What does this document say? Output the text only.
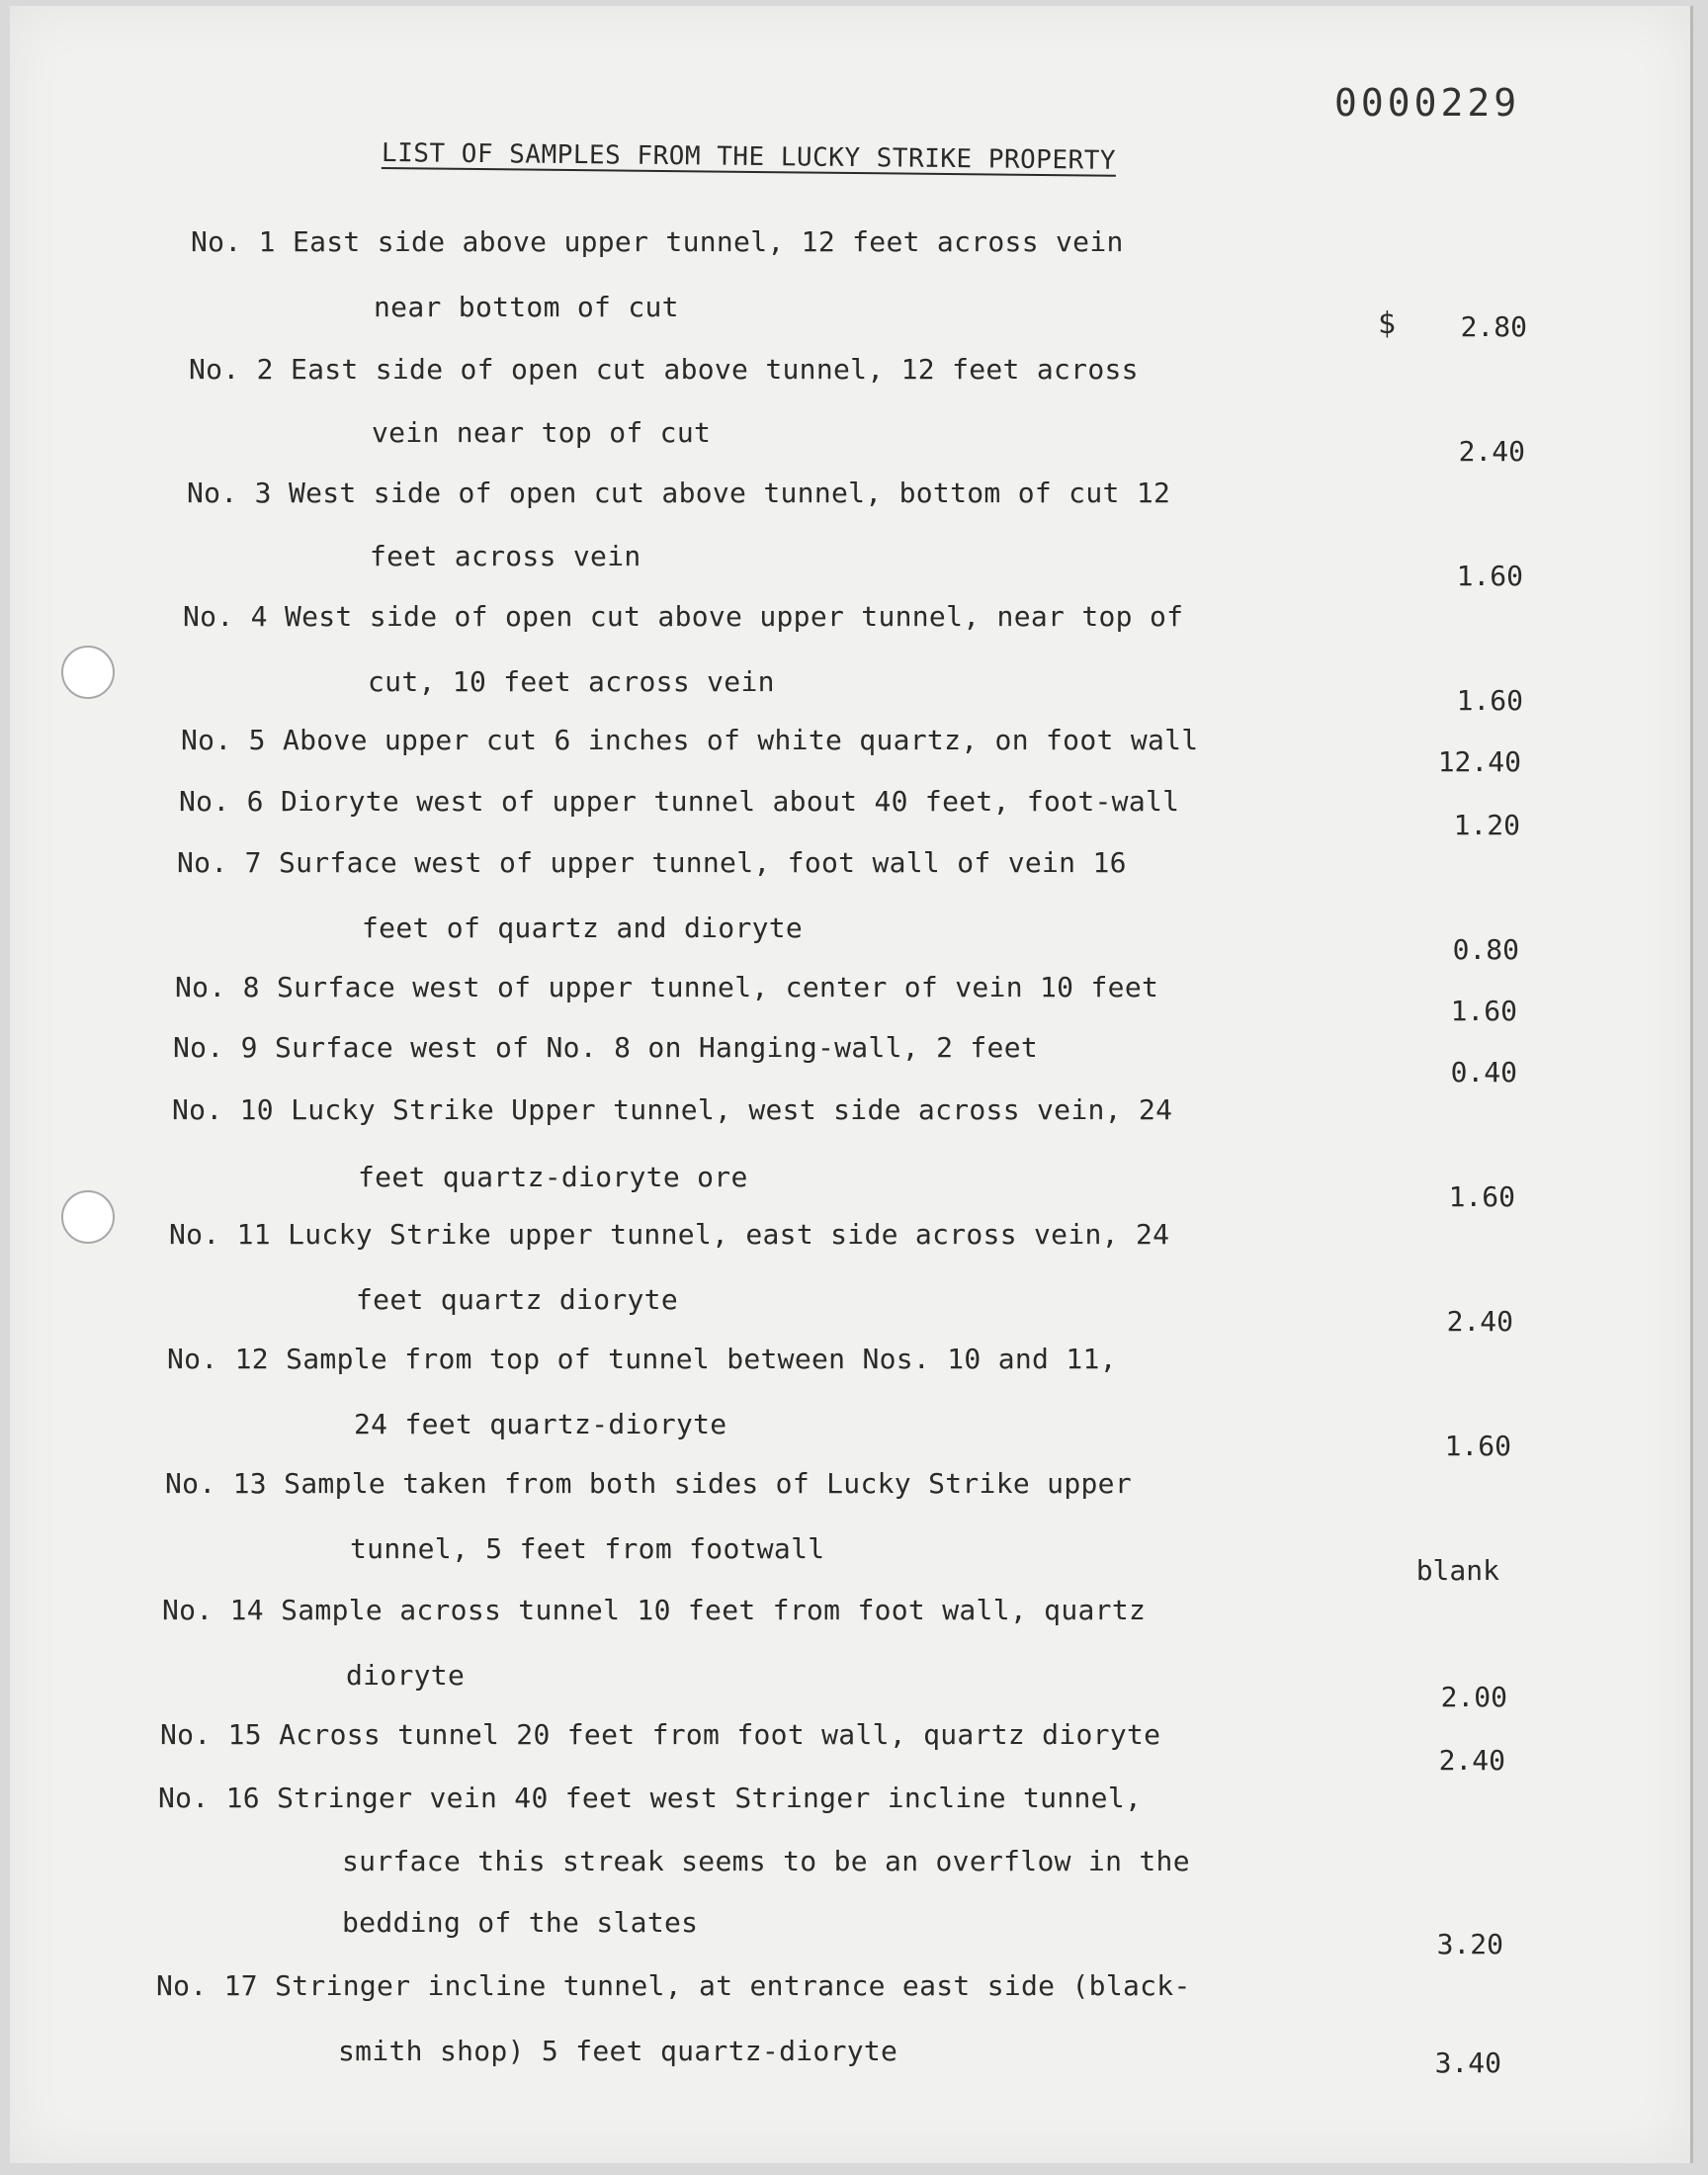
0000229
LIST OF SAMPLES FROM THE LUCKY STRIKE PROPERTY
$
No. 1 East side above upper tunnel, 12 feet across vein
near bottom of cut
2.80
No. 2 East side of open cut above tunnel, 12 feet across
vein near top of cut
2.40
No. 3 West side of open cut above tunnel, bottom of cut 12
feet across vein
1.60
No. 4 West side of open cut above upper tunnel, near top of
cut, 10 feet across vein
1.60
No. 5 Above upper cut 6 inches of white quartz, on foot wall
12.40
No. 6 Dioryte west of upper tunnel about 40 feet, foot-wall
1.20
No. 7 Surface west of upper tunnel, foot wall of vein 16
feet of quartz and dioryte
0.80
No. 8 Surface west of upper tunnel, center of vein 10 feet
1.60
No. 9 Surface west of No. 8 on Hanging-wall, 2 feet
0.40
No. 10 Lucky Strike Upper tunnel, west side across vein, 24
feet quartz-dioryte ore
1.60
No. 11 Lucky Strike upper tunnel, east side across vein, 24
feet quartz dioryte
2.40
No. 12 Sample from top of tunnel between Nos. 10 and 11,
24 feet quartz-dioryte
1.60
No. 13 Sample taken from both sides of Lucky Strike upper
tunnel, 5 feet from footwall
blank
No. 14 Sample across tunnel 10 feet from foot wall, quartz
dioryte
2.00
No. 15 Across tunnel 20 feet from foot wall, quartz dioryte
2.40
No. 16 Stringer vein 40 feet west Stringer incline tunnel,
surface this streak seems to be an overflow in the
bedding of the slates
3.20
No. 17 Stringer incline tunnel, at entrance east side (black-
smith shop) 5 feet quartz-dioryte	3.40
